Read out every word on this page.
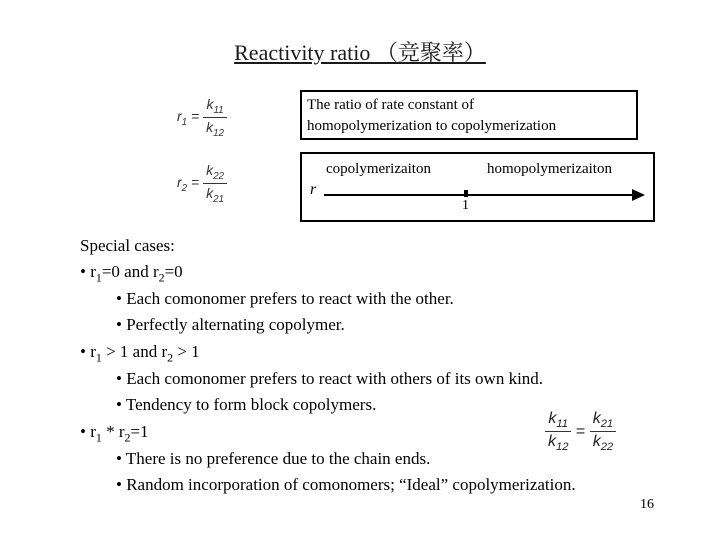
Reactivity ratio （竞聚率）
$r_1 = \frac{k_{11}}{k_{12}}$
$r_2 = \frac{k_{22}}{k_{21}}$
The ratio of rate constant of
homopolymerization to copolymerization
copolymerizaiton	homopolymerizaiton
r
1
Special cases:
• $r_1=0$ and $r_2=0$
• Each comonomer prefers to react with the other.
• Perfectly alternating copolymer.
• $r_1 > 1$ and $r_2 > 1$
• Each comonomer prefers to react with others of its own kind.
• Tendency to form block copolymers.
• $r_1 * r_2=1$
• There is no preference due to the chain ends.
• Random incorporation of comonomers; “Ideal” copolymerization.
$\frac{k_{11}}{k_{12}} = \frac{k_{21}}{k_{22}}$
16
